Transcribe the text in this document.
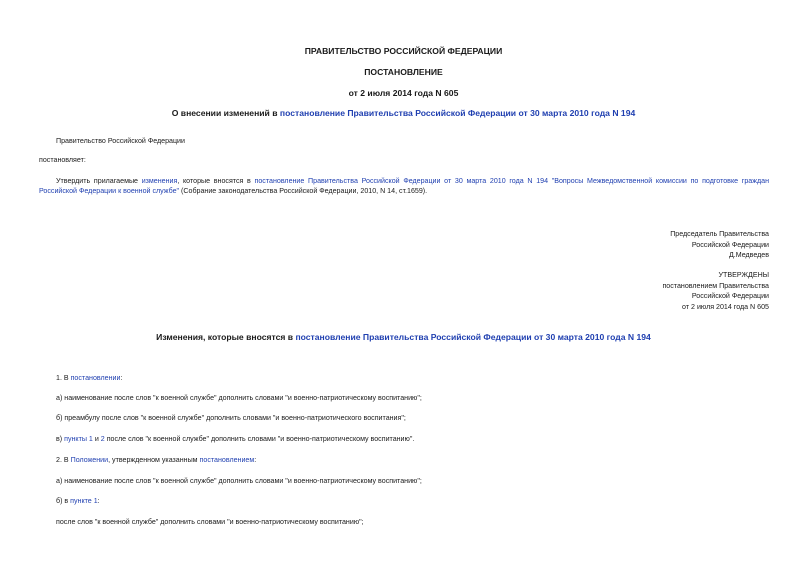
ПРАВИТЕЛЬСТВО РОССИЙСКОЙ ФЕДЕРАЦИИ
ПОСТАНОВЛЕНИЕ
от 2 июля 2014 года N 605
О внесении изменений в постановление Правительства Российской Федерации от 30 марта 2010 года N 194
Правительство Российской Федерации
постановляет:
Утвердить прилагаемые изменения, которые вносятся в постановление Правительства Российской Федерации от 30 марта 2010 года N 194 "Вопросы Межведомственной комиссии по подготовке граждан Российской Федерации к военной службе" (Собрание законодательства Российской Федерации, 2010, N 14, ст.1659).
Председатель Правительства
Российской Федерации
Д.Медведев
УТВЕРЖДЕНЫ
постановлением Правительства
Российской Федерации
от 2 июля 2014 года N 605
Изменения, которые вносятся в постановление Правительства Российской Федерации от 30 марта 2010 года N 194
1. В постановлении:
а) наименование после слов "к военной службе" дополнить словами "и военно-патриотическому воспитанию";
б) преамбулу после слов "к военной службе" дополнить словами "и военно-патриотического воспитания";
в) пункты 1 и 2 после слов "к военной службе" дополнить словами "и военно-патриотическому воспитанию".
2. В Положении, утвержденном указанным постановлением:
а) наименование после слов "к военной службе" дополнить словами "и военно-патриотическому воспитанию";
б) в пункте 1:
после слов "к военной службе" дополнить словами "и военно-патриотическому воспитанию";
